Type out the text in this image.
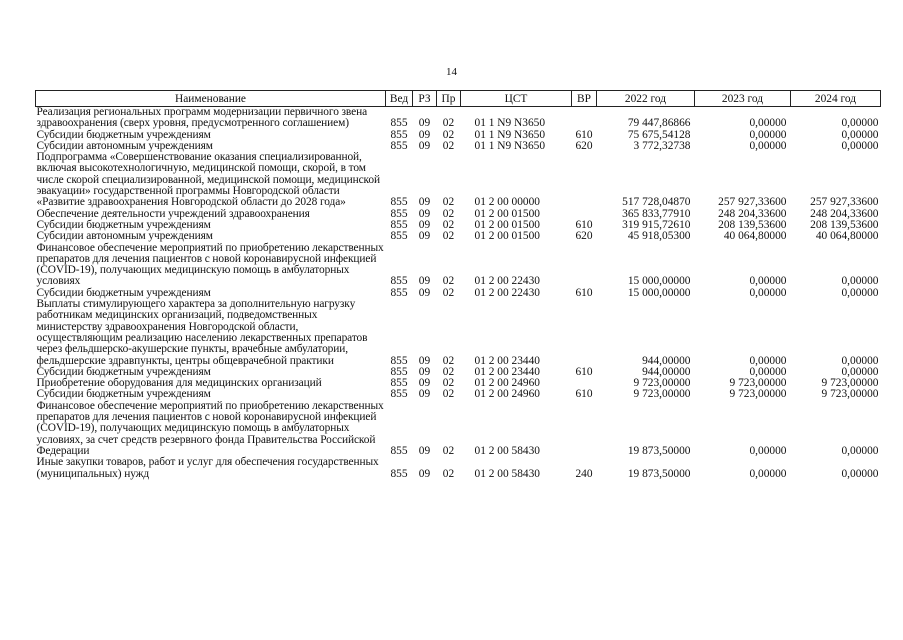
14
Наименование	Вед	РЗ	Пр	ЦСТ	ВР	2022 год	2023 год	2024 год
Реализация региональных программ модернизации первичного звена здравоохранения (сверх уровня, предусмотренного соглашением)	855	09	02	01 1 N9 N3650		79 447,86866	0,00000	0,00000
Субсидии бюджетным учреждениям	855	09	02	01 1 N9 N3650	610	75 675,54128	0,00000	0,00000
Субсидии автономным учреждениям	855	09	02	01 1 N9 N3650	620	3 772,32738	0,00000	0,00000
Подпрограмма «Совершенствование оказания специализированной, включая высокотехнологичную, медицинской помощи, скорой, в том числе скорой специализированной, медицинской помощи, медицинской эвакуации» государственной программы Новгородской области «Развитие здравоохранения Новгородской области до 2028 года»	855	09	02	01 2 00 00000		517 728,04870	257 927,33600	257 927,33600
Обеспечение деятельности учреждений здравоохранения	855	09	02	01 2 00 01500		365 833,77910	248 204,33600	248 204,33600
Субсидии бюджетным учреждениям	855	09	02	01 2 00 01500	610	319 915,72610	208 139,53600	208 139,53600
Субсидии автономным учреждениям	855	09	02	01 2 00 01500	620	45 918,05300	40 064,80000	40 064,80000
Финансовое обеспечение мероприятий по приобретению лекарственных препаратов для лечения пациентов с новой коронавирусной инфекцией (COVID-19), получающих медицинскую помощь в амбулаторных условиях	855	09	02	01 2 00 22430		15 000,00000	0,00000	0,00000
Субсидии бюджетным учреждениям	855	09	02	01 2 00 22430	610	15 000,00000	0,00000	0,00000
Выплаты стимулирующего характера за дополнительную нагрузку работникам медицинских организаций, подведомственных министерству здравоохранения Новгородской области, осуществляющим реализацию населению лекарственных препаратов через фельдшерско-акушерские пункты, врачебные амбулатории, фельдшерские здравпункты, центры общеврачебной практики	855	09	02	01 2 00 23440		944,00000	0,00000	0,00000
Субсидии бюджетным учреждениям	855	09	02	01 2 00 23440	610	944,00000	0,00000	0,00000
Приобретение оборудования для медицинских организаций	855	09	02	01 2 00 24960		9 723,00000	9 723,00000	9 723,00000
Субсидии бюджетным учреждениям	855	09	02	01 2 00 24960	610	9 723,00000	9 723,00000	9 723,00000
Финансовое обеспечение мероприятий по приобретению лекарственных препаратов для лечения пациентов с новой коронавирусной инфекцией (COVID-19), получающих медицинскую помощь в амбулаторных условиях, за счет средств резервного фонда Правительства Российской Федерации	855	09	02	01 2 00 58430		19 873,50000	0,00000	0,00000
Иные закупки товаров, работ и услуг для обеспечения государственных (муниципальных) нужд	855	09	02	01 2 00 58430	240	19 873,50000	0,00000	0,00000
